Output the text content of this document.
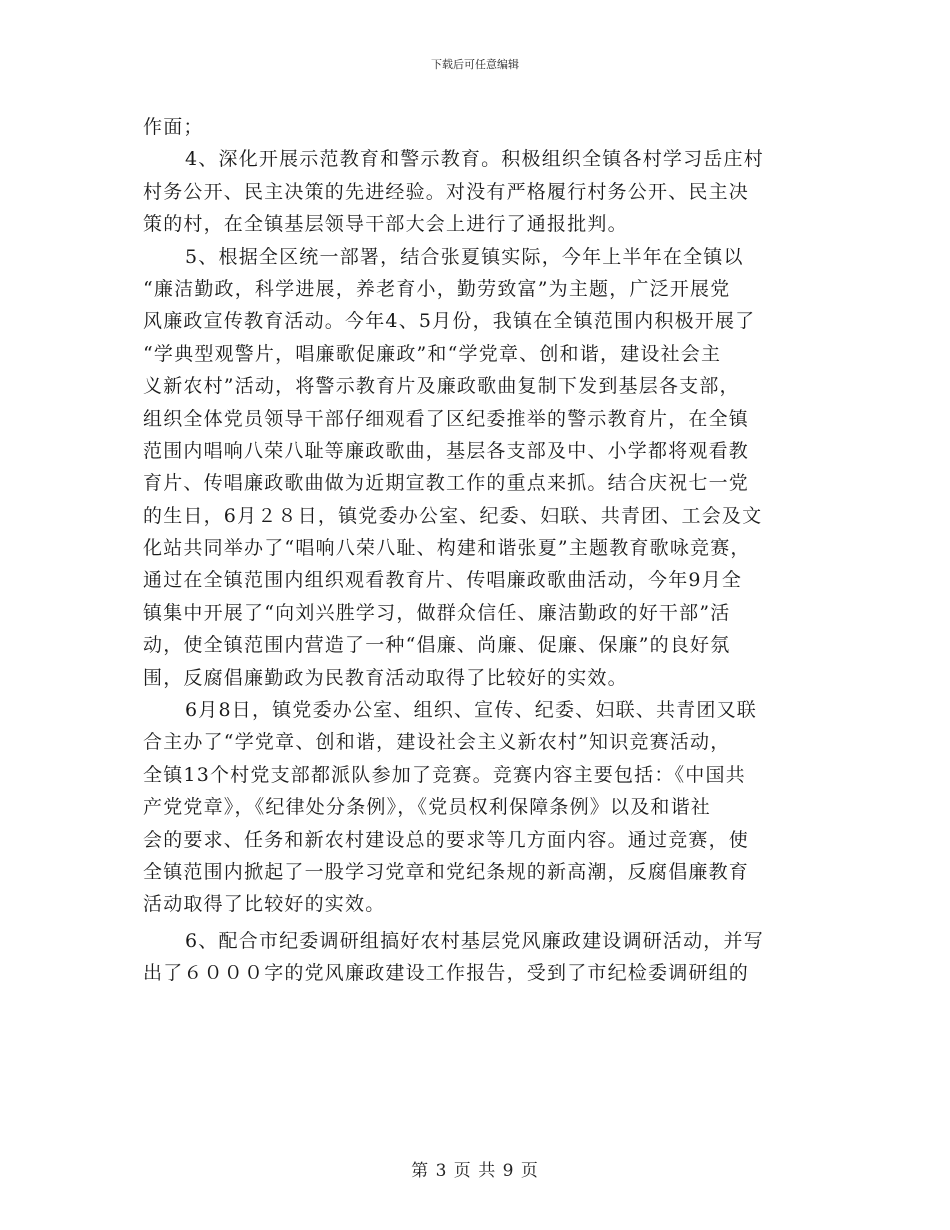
下载后可任意编辑
作面；
4、深化开展示范教育和警示教育。积极组织全镇各村学习岳庄村
村务公开、民主决策的先进经验。对没有严格履行村务公开、民主决
策的村，在全镇基层领导干部大会上进行了通报批判。
5、根据全区统一部署，结合张夏镇实际，今年上半年在全镇以
“廉洁勤政，科学进展，养老育小，勤劳致富”为主题，广泛开展党
风廉政宣传教育活动。今年4、5月份，我镇在全镇范围内积极开展了
“学典型观警片，唱廉歌促廉政”和“学党章、创和谐，建设社会主
义新农村”活动，将警示教育片及廉政歌曲复制下发到基层各支部，
组织全体党员领导干部仔细观看了区纪委推举的警示教育片，在全镇
范围内唱响八荣八耻等廉政歌曲，基层各支部及中、小学都将观看教
育片、传唱廉政歌曲做为近期宣教工作的重点来抓。结合庆祝七一党
的生日，6月２８日，镇党委办公室、纪委、妇联、共青团、工会及文
化站共同举办了“唱响八荣八耻、构建和谐张夏”主题教育歌咏竞赛，
通过在全镇范围内组织观看教育片、传唱廉政歌曲活动，今年9月全
镇集中开展了“向刘兴胜学习，做群众信任、廉洁勤政的好干部”活
动，使全镇范围内营造了一种“倡廉、尚廉、促廉、保廉”的良好氛
围，反腐倡廉勤政为民教育活动取得了比较好的实效。
6月8日，镇党委办公室、组织、宣传、纪委、妇联、共青团又联
合主办了“学党章、创和谐，建设社会主义新农村”知识竞赛活动，
全镇13个村党支部都派队参加了竞赛。竞赛内容主要包括：《中国共
产党党章》，《纪律处分条例》，《党员权利保障条例》以及和谐社
会的要求、任务和新农村建设总的要求等几方面内容。通过竞赛，使
全镇范围内掀起了一股学习党章和党纪条规的新高潮，反腐倡廉教育
活动取得了比较好的实效。
6、配合市纪委调研组搞好农村基层党风廉政建设调研活动，并写
出了６０００字的党风廉政建设工作报告，受到了市纪检委调研组的
第 3 页 共 9 页
